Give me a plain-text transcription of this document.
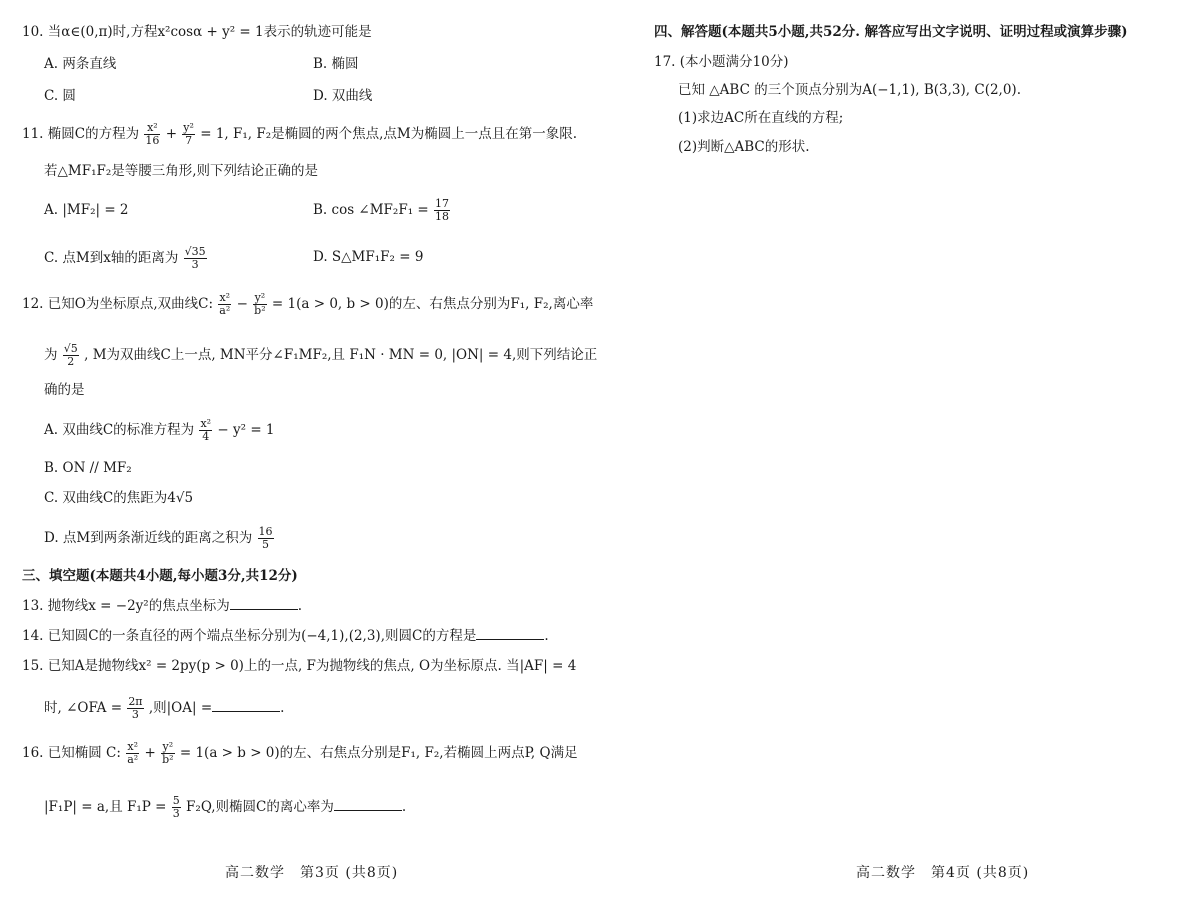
10. 当α∈(0,π)时,方程x²cosα + y² = 1表示的轨迹可能是
A. 两条直线	B. 椭圆
C. 圆	D. 双曲线
11. 椭圆C的方程为 $\frac{\text{x²}}{16} + \frac{\text{y²}}{7} = 1$, F₁, F₂是椭圆的两个焦点,点M为椭圆上一点且在第一象限.
若△MF₁F₂是等腰三角形,则下列结论正确的是
A. |MF₂| = 2	B. cos ∠MF₂F₁ = $\frac{17}{18}$
C. 点M到x轴的距离为 $\frac{√35}{3}$	D. S△MF₁F₂ = 9
12. 已知O为坐标原点,双曲线C: $\frac{\text{x²}}{\text{a²}} - \frac{\text{y²}}{\text{b²}} = 1(a > 0$, b > 0)的左、右焦点分别为F₁, F₂,离心率
为 $\frac{√5}{2}$ , M为双曲线C上一点, MN平分∠F₁MF₂,且 F₁N · MN = 0, |ON| = 4,则下列结论正
确的是
A. 双曲线C的标准方程为 $\frac{\text{x²}}{4} - y^2 = 1$
B. ON // MF₂
C. 双曲线C的焦距为4√5
D. 点M到两条渐近线的距离之积为 $\frac{16}{5}$
三、填空题(本题共4小题,每小题3分,共12分)
13. 抛物线x = −2y²的焦点坐标为	.
14. 已知圆C的一条直径的两个端点坐标分别为(−4,1),(2,3),则圆C的方程是	.
15. 已知A是抛物线x² = 2py(p > 0)上的一点, F为抛物线的焦点, O为坐标原点. 当|AF| = 4
时, ∠OFA = $\frac{2\pi}{3}$ ,则|OA| =	.
16. 已知椭圆 C: $\frac{\text{x²}}{\text{a²}} + \frac{\text{y²}}{\text{b²}} = 1(a > b > 0)$的左、右焦点分别是F₁, F₂,若椭圆上两点P, Q满足
|F₁P| = a,且 $F_1P = \frac{5}{3} F_2Q$,则椭圆C的离心率为	.
高二数学　第3页 (共8页)
四、解答题(本题共5小题,共52分. 解答应写出文字说明、证明过程或演算步骤)
17. (本小题满分10分)
已知 △ABC 的三个顶点分别为A(−1,1), B(3,3), C(2,0).
(1)求边AC所在直线的方程;
(2)判断△ABC的形状.
高二数学　第4页 (共8页)
